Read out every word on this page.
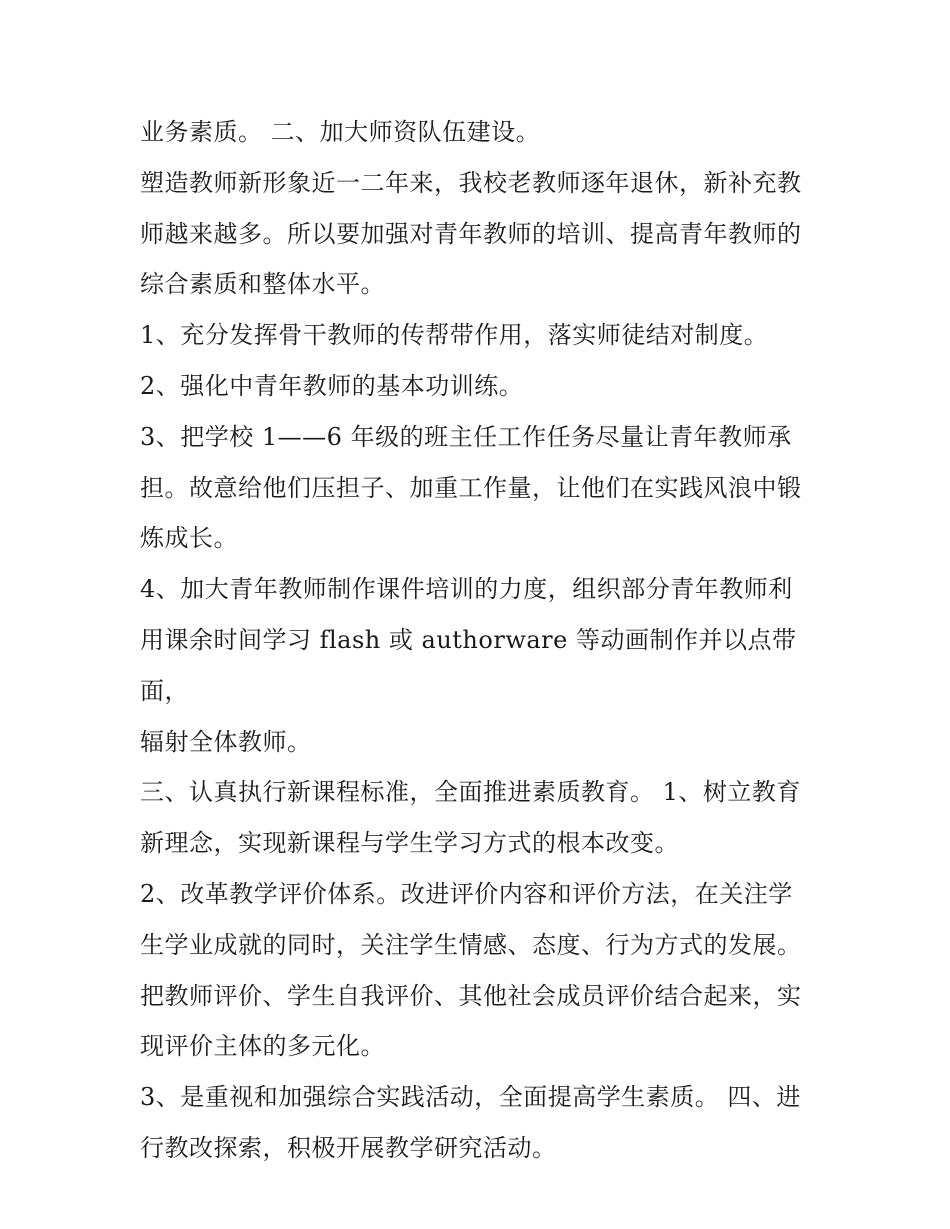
业务素质。 二、加大师资队伍建设。

塑造教师新形象近一二年来，我校老教师逐年退休，新补充教
师越来越多。所以要加强对青年教师的培训、提高青年教师的
综合素质和整体水平。

1、充分发挥骨干教师的传帮带作用，落实师徒结对制度。

2、强化中青年教师的基本功训练。

3、把学校 1——6 年级的班主任工作任务尽量让青年教师承
担。故意给他们压担子、加重工作量，让他们在实践风浪中锻
炼成长。

4、加大青年教师制作课件培训的力度，组织部分青年教师利
用课余时间学习 flash 或 authorware 等动画制作并以点带面，
辐射全体教师。

三、认真执行新课程标准，全面推进素质教育。 1、树立教育
新理念，实现新课程与学生学习方式的根本改变。

2、改革教学评价体系。改进评价内容和评价方法，在关注学
生学业成就的同时，关注学生情感、态度、行为方式的发展。
把教师评价、学生自我评价、其他社会成员评价结合起来，实
现评价主体的多元化。

3、是重视和加强综合实践活动，全面提高学生素质。 四、进
行教改探索，积极开展教学研究活动。
